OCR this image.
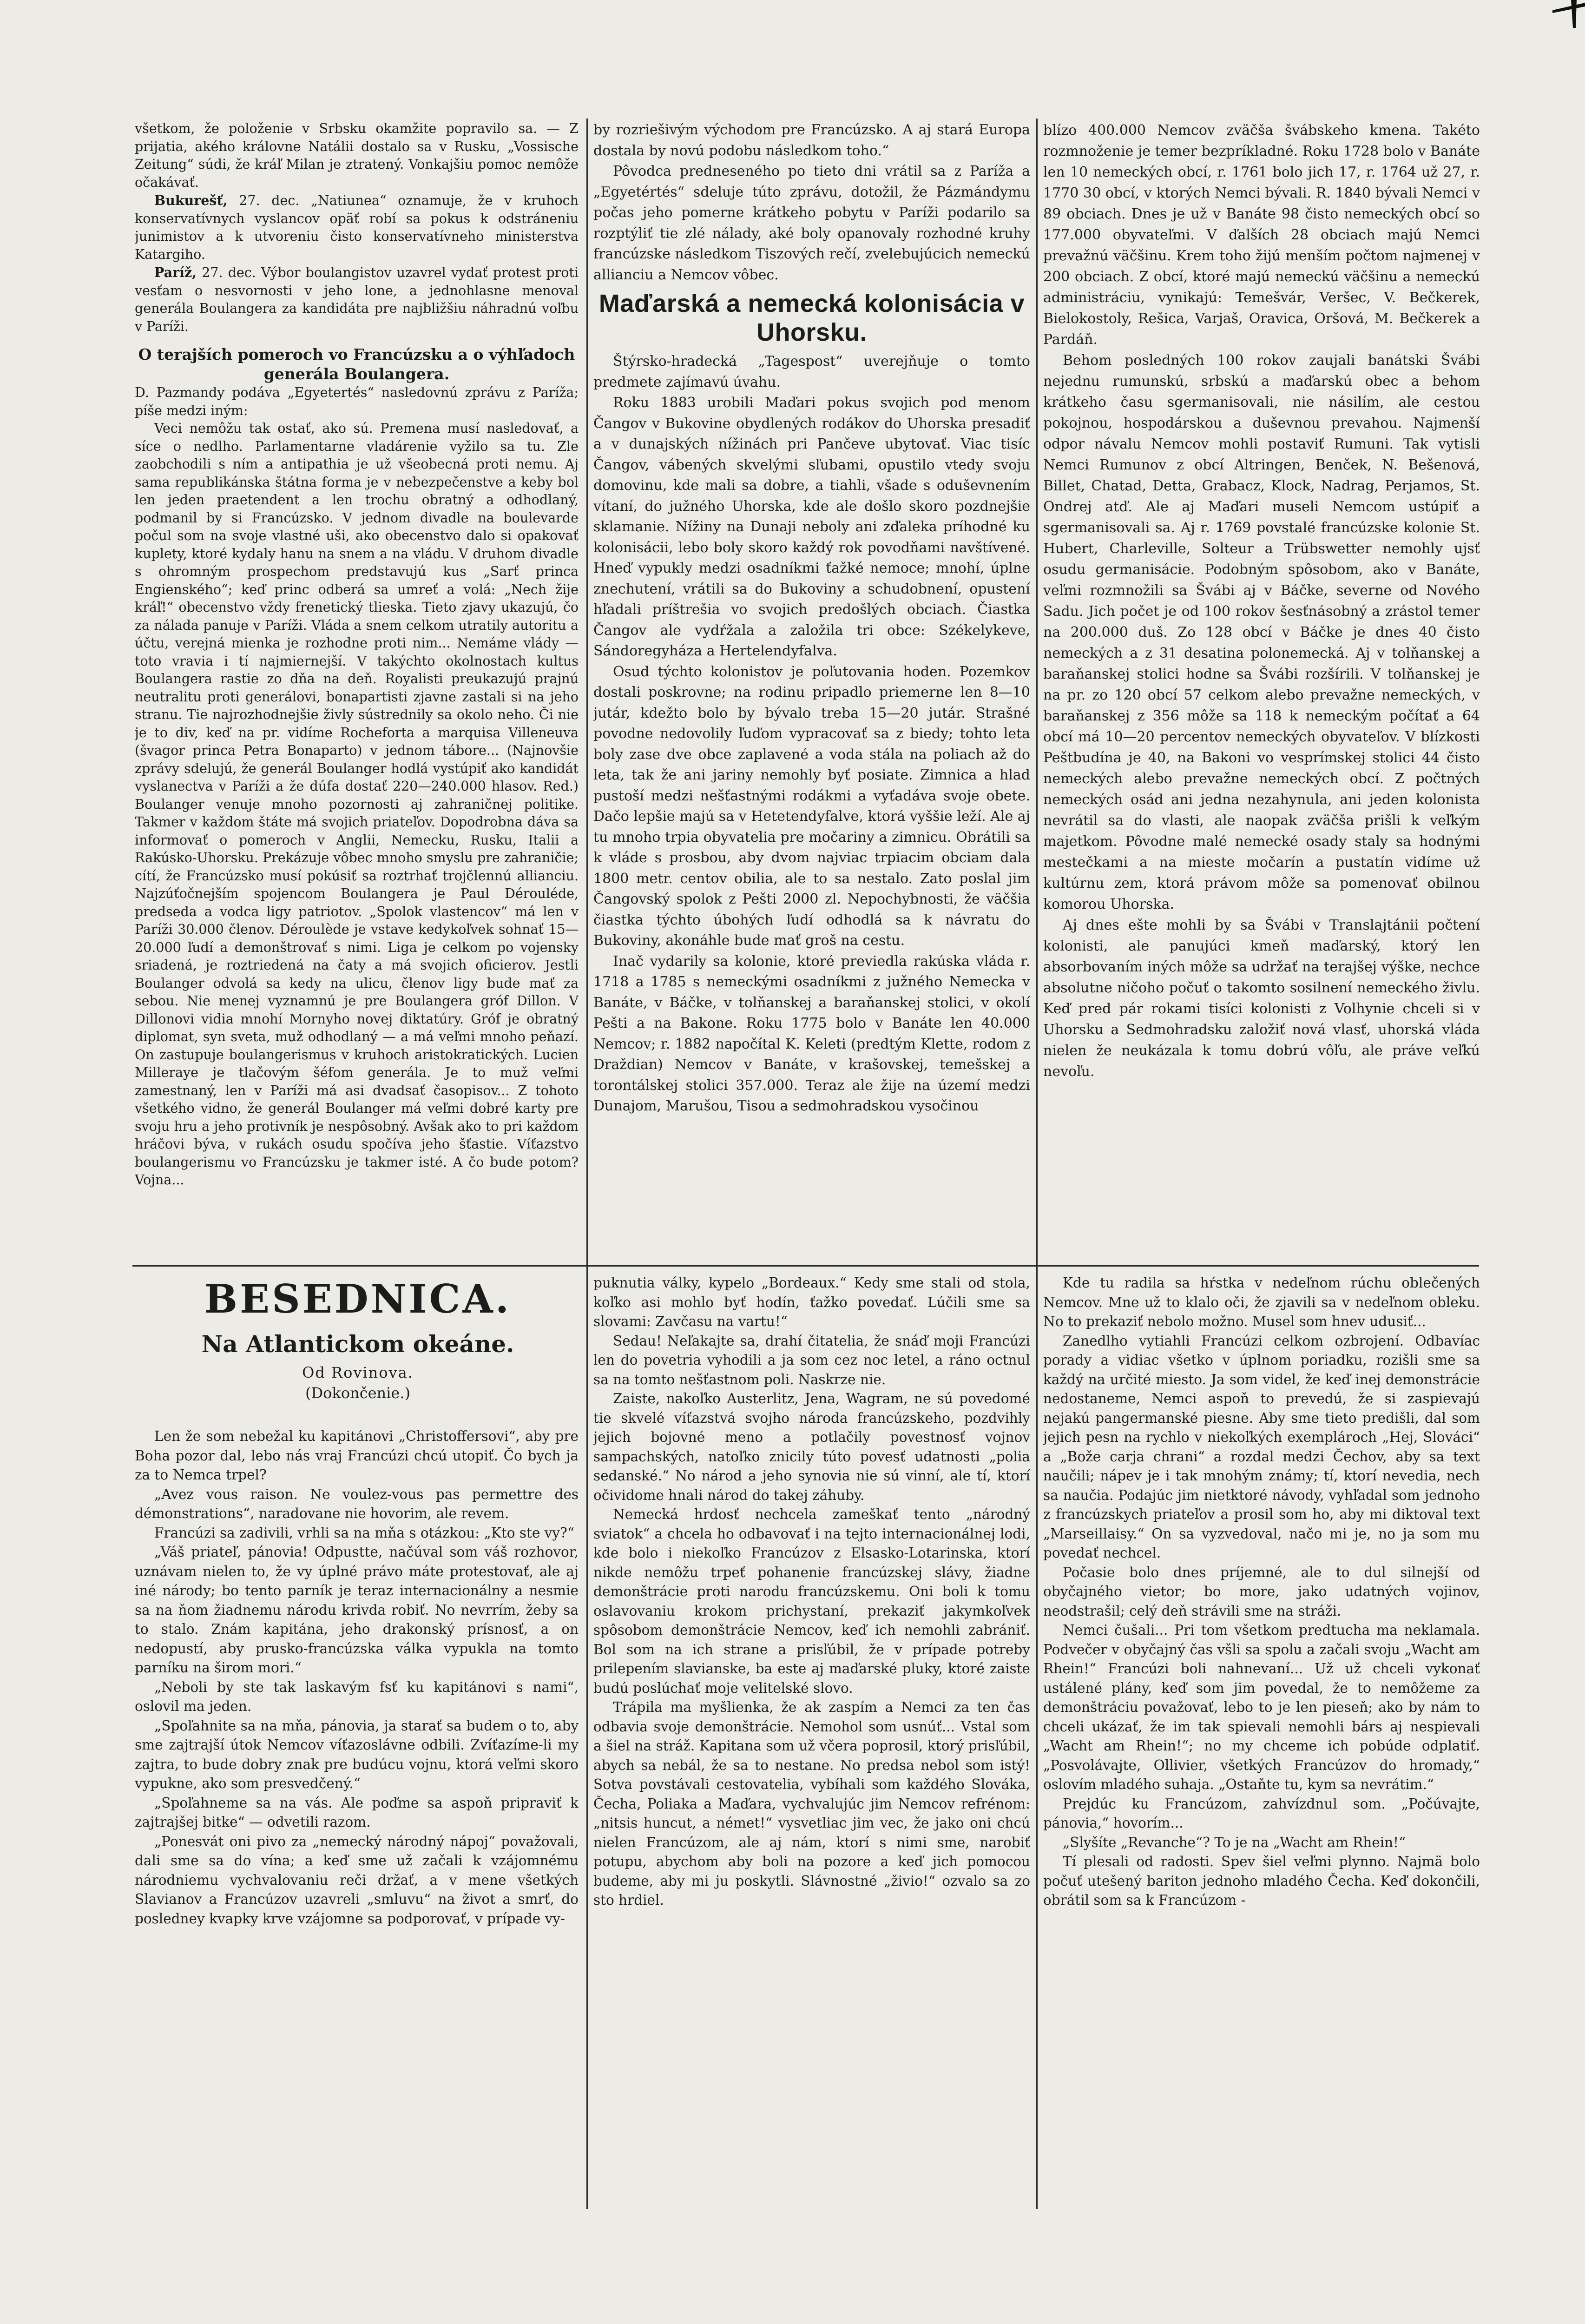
všetkom, že položenie v Srbsku okamžite popravilo sa. — Z prijatia, akého královne Natálii dostalo sa v Rusku, „Vossische Zeitung“ súdi, že kráľ Milan je ztratený. Vonkajšiu pomoc nemôže očakávať.

Bukurešť, 27. dec. „Natiunea“ oznamuje, že v kruhoch konservatívnych vyslancov opäť robí sa pokus k odstráneniu junimistov a k utvoreniu čisto konservatívneho ministerstva Katargiho.

Paríž, 27. dec. Výbor boulangistov uzavrel vydať protest proti vesťam o nesvornosti v jeho lone, a jednohlasne menoval generála Boulangera za kandidáta pre najbližšiu náhradnú voľbu v Paríži.

O terajších pomeroch vo Francúzsku a o výhľadoch generála Boulangera.

D. Pazmandy podáva „Egyetertés“ nasledovnú zprávu z Paríža; píše medzi iným:

Veci nemôžu tak ostať, ako sú. Premena musí nasledovať, a síce o nedlho. Parlamentarne vladárenie vyžilo sa tu. Zle zaobchodili s ním a antipathia je už všeobecná proti nemu. Aj sama republikánska štátna forma je v nebezpečenstve a keby bol len jeden praetendent a len trochu obratný a odhodlaný, podmanil by si Francúzsko. V jednom divadle na boulevarde počul som na svoje vlastné uši, ako obecenstvo dalo si opakovať kuplety, ktoré kydaly hanu na snem a na vládu. V druhom divadle s ohromným prospechom predstavujú kus „Sarť princa Engienského“; keď princ odberá sa umreť a volá: „Nech žije kráľ!“ obecenstvo vždy frenetický tlieska. Tieto zjavy ukazujú, čo za nálada panuje v Paríži. Vláda a snem celkom utratily autoritu a účtu, verejná mienka je rozhodne proti nim... Nemáme vlády — toto vravia i tí najmiernejší. V takýchto okolnostach kultus Boulangera rastie zo dňa na deň. Royalisti preukazujú prajnú neutralitu proti generálovi, bonapartisti zjavne zastali si na jeho stranu. Tie najrozhodnejšie živly sústrednily sa okolo neho. Či nie je to div, keď na pr. vidíme Rocheforta a marquisa Villeneuva (švagor princa Petra Bonaparto) v jednom tábore... (Najnovšie zprávy sdelujú, že generál Boulanger hodlá vystúpiť ako kandidát vyslanectva v Paríži a že dúfa dostať 220—240.000 hlasov. Red.) Boulanger venuje mnoho pozornosti aj zahraničnej politike. Takmer v každom štáte má svojich priateľov. Dopodrobna dáva sa informovať o pomeroch v Anglii, Nemecku, Rusku, Italii a Rakúsko-Uhorsku. Prekázuje vôbec mnoho smyslu pre zahraničie; cítí, že Francúzsko musí pokúsiť sa roztrhať trojčlennú allianciu. Najzúťočnejším spojencom Boulangera je Paul Dérouléde, predseda a vodca ligy patriotov. „Spolok vlastencov“ má len v Paríži 30.000 členov. Déroulède je vstave kedykoľvek sohnať 15—20.000 ľudí a demonštrovať s nimi. Liga je celkom po vojensky sriadená, je roztriedená na čaty a má svojich oficierov. Jestli Boulanger odvolá sa kedy na ulicu, členov ligy bude mať za sebou. Nie menej vyznamnú je pre Boulangera gróf Dillon. V Dillonovi vidia mnohí Mornyho novej diktatúry. Gróf je obratný diplomat, syn sveta, muž odhodlaný — a má veľmi mnoho peňazí. On zastupuje boulangerismus v kruhoch aristokratických. Lucien Milleraye je tlačovým šéfom generála. Je to muž veľmi zamestnaný, len v Paríži má asi dvadsať časopisov... Z tohoto všetkého vidno, že generál Boulanger má veľmi dobré karty pre svoju hru a jeho protivník je nespôsobný. Avšak ako to pri každom hráčovi býva, v rukách osudu spočíva jeho šťastie. Víťazstvo boulangerismu vo Francúzsku je takmer isté. A čo bude potom? Vojna...

by rozriešivým východom pre Francúzsko. A aj stará Europa dostala by novú podobu následkom toho.“

Pôvodca predneseného po tieto dni vrátil sa z Paríža a „Egyetértés“ sdeluje túto zprávu, dotožil, že Pázmándymu počas jeho pomerne krátkeho pobytu v Paríži podarilo sa rozptýliť tie zlé nálady, aké boly opanovaly rozhodné kruhy francúzske následkom Tiszových rečí, zvelebujúcich nemeckú allianciu a Nemcov vôbec.

Maďarská a nemecká kolonisácia v Uhorsku.

Štýrsko-hradecká „Tagespost“ uverejňuje o tomto predmete zajímavú úvahu.

Roku 1883 urobili Maďari pokus svojich pod menom Čangov v Bukovine obydlených rodákov do Uhorska presadiť a v dunajských nížinách pri Pančeve ubytovať. Viac tisíc Čangov, vábených skvelými sľubami, opustilo vtedy svoju domovinu, kde mali sa dobre, a tiahli, všade s oduševnením vítaní, do južného Uhorska, kde ale došlo skoro pozdnejšie sklamanie. Nížiny na Dunaji neboly ani zďaleka príhodné ku kolonisácii, lebo boly skoro každý rok povodňami navštívené. Hneď vypukly medzi osadníkmi ťažké nemoce; mnohí, úplne znechutení, vrátili sa do Bukoviny a schudobnení, opustení hľadali príštrešia vo svojich predošlých obciach. Čiastka Čangov ale vydŕžala a založila tri obce: Székelykeve, Sándoregyháza a Hertelendyfalva.

Osud týchto kolonistov je poľutovania hoden. Pozemkov dostali poskrovne; na rodinu pripadlo priemerne len 8—10 jutár, kdežto bolo by bývalo treba 15—20 jutár. Strašné povodne nedovolily ľuďom vypracovať sa z biedy; tohto leta boly zase dve obce zaplavené a voda stála na poliach až do leta, tak že ani jariny nemohly byť posiate. Zimnica a hlad pustoší medzi nešťastnými rodákmi a vyťadáva svoje obete. Dačo lepšie majú sa v Hetetendyfalve, ktorá vyššie leží. Ale aj tu mnoho trpia obyvatelia pre močariny a zimnicu. Obrátili sa k vláde s prosbou, aby dvom najviac trpiacim obciam dala 1800 metr. centov obilia, ale to sa nestalo. Zato poslal jim Čangovský spolok z Pešti 2000 zl. Nepochybnosti, že väčšia čiastka týchto úbohých ľudí odhodlá sa k návratu do Bukoviny, akonáhle bude mať groš na cestu.

Inač vydarily sa kolonie, ktoré previedla rakúska vláda r. 1718 a 1785 s nemeckými osadníkmi z južného Nemecka v Banáte, v Báčke, v tolňanskej a baraňanskej stolici, v okolí Pešti a na Bakone. Roku 1775 bolo v Banáte len 40.000 Nemcov; r. 1882 napočítal K. Keleti (predtým Klette, rodom z Draždian) Nemcov v Banáte, v krašovskej, temešskej a torontálskej stolici 357.000. Teraz ale žije na území medzi Dunajom, Marušou, Tisou a sedmohradskou vysočinou

blízo 400.000 Nemcov zväčša švábskeho kmena. Takéto rozmnoženie je temer bezpríkladné. Roku 1728 bolo v Banáte len 10 nemeckých obcí, r. 1761 bolo jich 17, r. 1764 už 27, r. 1770 30 obcí, v ktorých Nemci bývali. R. 1840 bývali Nemci v 89 obciach. Dnes je už v Banáte 98 čisto nemeckých obcí so 177.000 obyvateľmi. V ďalších 28 obciach majú Nemci prevažnú väčšinu. Krem toho žijú menším počtom najmenej v 200 obciach. Z obcí, ktoré majú nemeckú väčšinu a nemeckú administráciu, vynikajú: Temešvár, Veršec, V. Bečkerek, Bielokostoly, Rešica, Varjaš, Oravica, Oršová, M. Bečkerek a Pardáň.

Behom posledných 100 rokov zaujali banátski Švábi nejednu rumunskú, srbskú a maďarskú obec a behom krátkeho času sgermanisovali, nie násilím, ale cestou pokojnou, hospodárskou a duševnou prevahou. Najmenší odpor návalu Nemcov mohli postaviť Rumuni. Tak vytisli Nemci Rumunov z obcí Altringen, Benček, N. Bešenová, Billet, Chatad, Detta, Grabacz, Klock, Nadrag, Perjamos, St. Ondrej atď. Ale aj Maďari museli Nemcom ustúpiť a sgermanisovali sa. Aj r. 1769 povstalé francúzske kolonie St. Hubert, Charleville, Solteur a Trübswetter nemohly ujsť osudu germanisácie. Podobným spôsobom, ako v Banáte, veľmi rozmnožili sa Švábi aj v Báčke, severne od Nového Sadu. Jich počet je od 100 rokov šesťnásobný a zrástol temer na 200.000 duš. Zo 128 obcí v Báčke je dnes 40 čisto nemeckých a z 31 desatina polonemecká. Aj v tolňanskej a baraňanskej stolici hodne sa Švábi rozšírili. V tolňanskej je na pr. zo 120 obcí 57 celkom alebo prevažne nemeckých, v baraňanskej z 356 môže sa 118 k nemeckým počítať a 64 obcí má 10—20 percentov nemeckých obyvateľov. V blízkosti Peštbudína je 40, na Bakoni vo vesprímskej stolici 44 čisto nemeckých alebo prevažne nemeckých obcí. Z počtných nemeckých osád ani jedna nezahynula, ani jeden kolonista nevrátil sa do vlasti, ale naopak zväčša prišli k veľkým majetkom. Pôvodne malé nemecké osady staly sa hodnými mestečkami a na mieste močarín a pustatín vidíme už kultúrnu zem, ktorá právom môže sa pomenovať obilnou komorou Uhorska.

Aj dnes ešte mohli by sa Švábi v Translajtánii počtení kolonisti, ale panujúci kmeň maďarský, ktorý len absorbovaním iných môže sa udržať na terajšej výške, nechce absolutne ničoho počuť o takomto sosilnení nemeckého živlu. Keď pred pár rokami tisíci kolonisti z Volhynie chceli si v Uhorsku a Sedmohradsku založiť nová vlasť, uhorská vláda nielen že neukázala k tomu dobrú vôľu, ale práve veľkú nevoľu.

BESEDNICA.
Na Atlantickom okeáne.
Od Rovinova.
(Dokončenie.)

Len že som nebežal ku kapitánovi „Christoffersovi“, aby pre Boha pozor dal, lebo nás vraj Francúzi chcú utopiť. Čo bych ja za to Nemca trpel?

„Avez vous raison. Ne voulez-vous pas permettre des démonstrations“, naradovane nie hovorim, ale revem.

Francúzi sa zadivili, vrhli sa na mňa s otázkou: „Kto ste vy?“

„Váš priateľ, pánovia! Odpustte, načúval som váš rozhovor, uznávam nielen to, že vy úplné právo máte protestovať, ale aj iné národy; bo tento parník je teraz internacionálny a nesmie sa na ňom žiadnemu národu krivda robiť. No nevrrím, žeby sa to stalo. Znám kapitána, jeho drakonský prísnosť, a on nedopustí, aby prusko-francúzska válka vypukla na tomto parníku na širom mori.“

„Neboli by ste tak laskavým fsť ku kapitánovi s nami“, oslovil ma jeden.

„Spoľahnite sa na mňa, pánovia, ja starať sa budem o to, aby sme zajtrajší útok Nemcov víťazoslávne odbili. Zvíťazíme-li my zajtra, to bude dobry znak pre budúcu vojnu, ktorá veľmi skoro vypukne, ako som presvedčený.“

„Spoľahneme sa na vás. Ale poďme sa aspoň pripraviť k zajtrajšej bitke“ — odvetili razom.

„Ponesvát oni pivo za „nemecký národný nápoj“ považovali, dali sme sa do vína; a keď sme už začali k vzájomnému národniemu vychvalovaniu reči držať, a v mene všetkých Slavianov a Francúzov uzavreli „smluvu“ na život a smrť, do posledney kvapky krve vzájomne sa podporovať, v prípade vy-

puknutia války, kypelo „Bordeaux.“ Kedy sme stali od stola, koľko asi mohlo byť hodín, ťažko povedať. Lúčili sme sa slovami: Zavčasu na vartu!“

Sedau! Neľakajte sa, drahí čitatelia, že snáď moji Francúzi len do povetria vyhodili a ja som cez noc letel, a ráno octnul sa na tomto nešťastnom poli. Naskrze nie.

Zaiste, nakoľko Austerlitz, Jena, Wagram, ne sú povedomé tie skvelé víťazstvá svojho národa francúzskeho, pozdvihly jejich bojovné meno a potlačily povestnosť vojnov sampachských, natoľko znicily túto povesť udatnosti „polia sedanské.“ No národ a jeho synovia nie sú vinní, ale tí, ktorí očividome hnali národ do takej záhuby.

Nemecká hrdosť nechcela zameškať tento „národný sviatok“ a chcela ho odbavovať i na tejto internacionálnej lodi, kde bolo i niekoľko Francúzov z Elsasko-Lotarinska, ktorí nikde nemôžu trpeť pohanenie francúzskej slávy, žiadne demonštrácie proti narodu francúzskemu. Oni boli k tomu oslavovaniu krokom prichystaní, prekaziť jakymkoľvek spôsobom demonštrácie Nemcov, keď ich nemohli zabrániť. Bol som na ich strane a prisľúbil, že v prípade potreby prilepením slavianske, ba este aj maďarské pluky, ktoré zaiste budú poslúchať moje velitelské slovo.

Trápila ma myšlienka, že ak zaspím a Nemci za ten čas odbavia svoje demonštrácie. Nemohol som usnúť... Vstal som a šiel na stráž. Kapitana som už včera poprosil, ktorý prisľúbil, abych sa nebál, že sa to nestane. No predsa nebol som istý! Sotva povstávali cestovatelia, vybíhali som každého Slováka, Čecha, Poliaka a Maďara, vychvalujúc jim Nemcov refrénom: „nitsis huncut, a német!“ vysvetliac jim vec, že jako oni chcú nielen Francúzom, ale aj nám, ktorí s nimi sme, narobiť potupu, abychom aby boli na pozore a keď jich pomocou budeme, aby mi ju poskytli. Slávnostné „živio!“ ozvalo sa zo sto hrdiel.

Kde tu radila sa hŕstka v nedeľnom rúchu oblečených Nemcov. Mne už to klalo oči, že zjavili sa v nedeľnom obleku. No to prekaziť nebolo možno. Musel som hnev udusiť...

Zanedlho vytiahli Francúzi celkom ozbrojení. Odbavíac porady a vidiac všetko v úplnom poriadku, rozišli sme sa každý na určité miesto. Ja som videl, že keď inej demonstrácie nedostaneme, Nemci aspoň to prevedú, že si zaspievajú nejakú pangermanské piesne. Aby sme tieto predišli, dal som jejich pesn na rychlo v niekoľkých exemplároch „Hej, Slováci“ a „Bože carja chrani“ a rozdal medzi Čechov, aby sa text naučili; nápev je i tak mnohým známy; tí, ktorí nevedia, nech sa naučia. Podajúc jim nietktoré návody, vyhľadal som jednoho z francúzskych priateľov a prosil som ho, aby mi diktoval text „Marseillaisy.“ On sa vyzvedoval, načo mi je, no ja som mu povedať nechcel.

Počasie bolo dnes príjemné, ale to dul silnejší od obyčajného vietor; bo more, jako udatných vojinov, neodstrašil; celý deň strávili sme na stráži.

Nemci čušali... Pri tom všetkom predtucha ma neklamala. Podvečer v obyčajný čas všli sa spolu a začali svoju „Wacht am Rhein!“ Francúzi boli nahnevaní... Už už chceli vykonať ustálené plány, keď som jim povedal, že to nemôžeme za demonštráciu považovať, lebo to je len pieseň; ako by nám to chceli ukázať, že im tak spievali nemohli bárs aj nespievali „Wacht am Rhein!“; no my chceme ich pobúde odplatiť. „Posvolávajte, Ollivier, všetkých Francúzov do hromady,“ oslovím mladého suhaja. „Ostaňte tu, kym sa nevrátim.“

Prejdúc ku Francúzom, zahvízdnul som. „Počúvajte, pánovia,“ hovorím...

„Slyšíte „Revanche“? To je na „Wacht am Rhein!“

Tí plesali od radosti. Spev šiel veľmi plynno. Najmä bolo počuť utešený bariton jednoho mladého Čecha. Keď dokončili, obrátil som sa k Francúzom -
